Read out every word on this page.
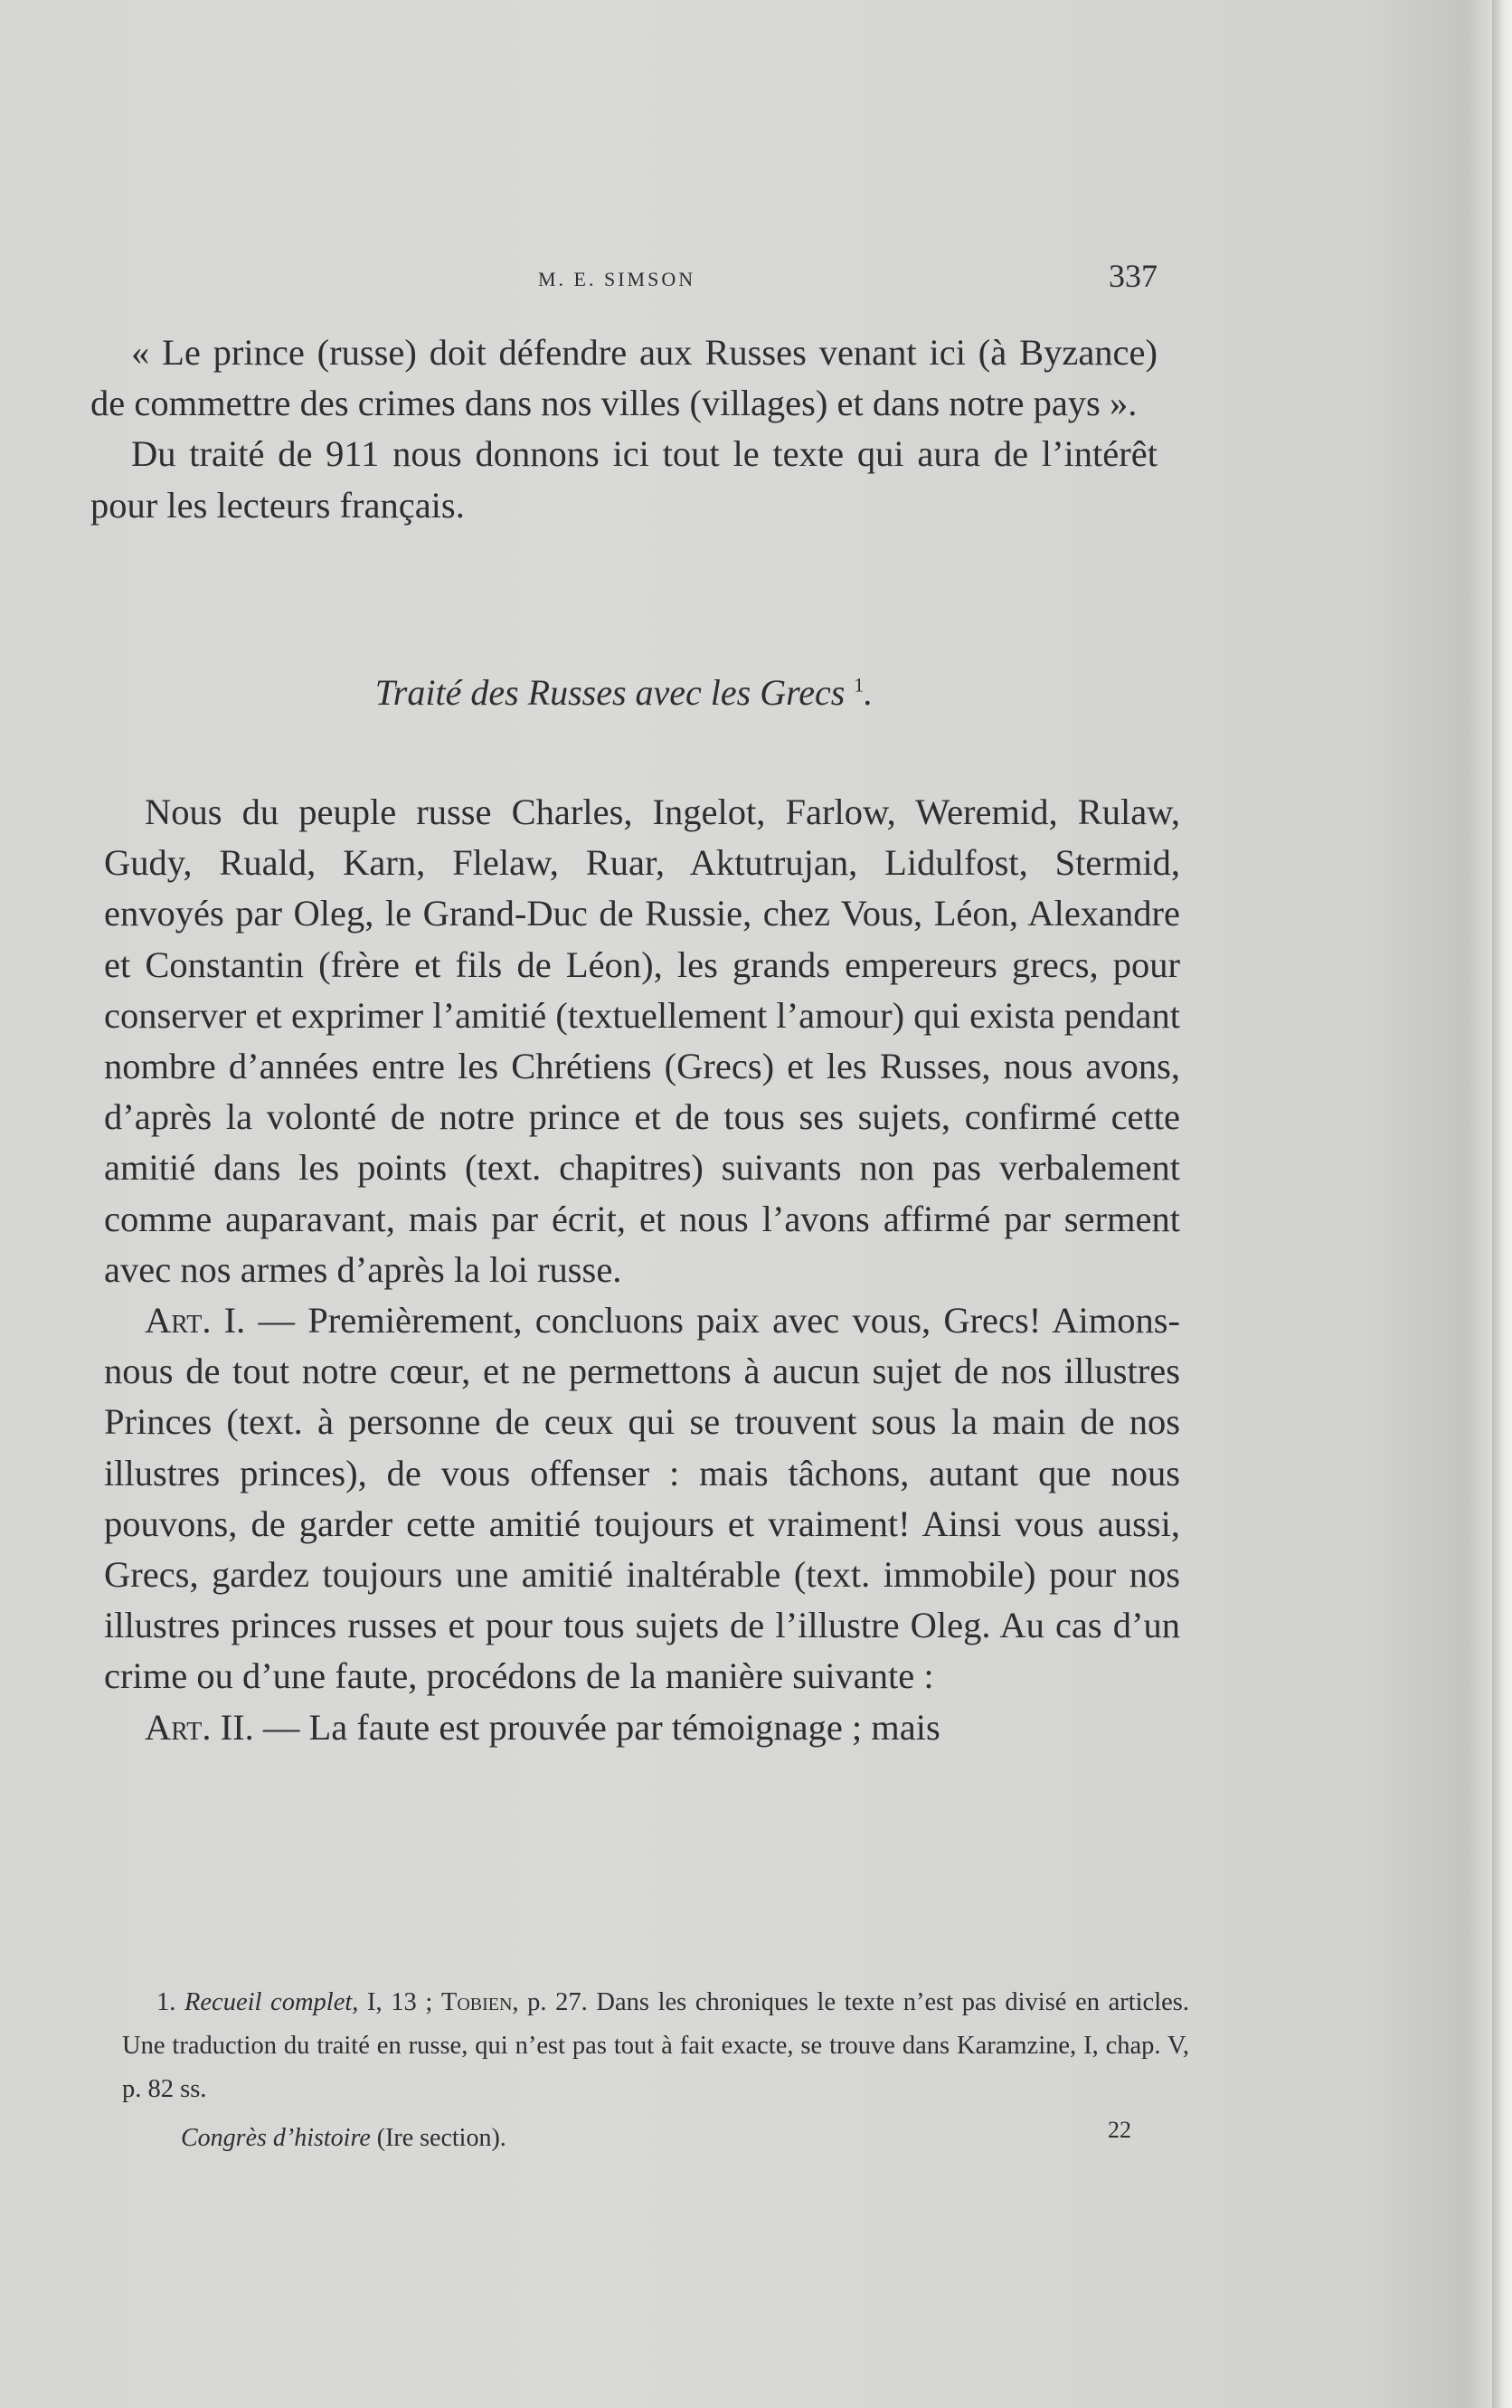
M. E. SIMSON	337

« Le prince (russe) doit défendre aux Russes venant ici (à Byzance) de commettre des crimes dans nos villes (villages) et dans notre pays ».

Du traité de 911 nous donnons ici tout le texte qui aura de l’intérêt pour les lecteurs français.

Traité des Russes avec les Grecs $^1$.

Nous du peuple russe Charles, Ingelot, Farlow, Weremid, Rulaw, Gudy, Ruald, Karn, Flelaw, Ruar, Aktutrujan, Lidulfost, Stermid, envoyés par Oleg, le Grand-Duc de Russie, chez Vous, Léon, Alexandre et Constantin (frère et fils de Léon), les grands empereurs grecs, pour conserver et exprimer l’amitié (textuellement l’amour) qui exista pendant nombre d’années entre les Chrétiens (Grecs) et les Russes, nous avons, d’après la volonté de notre prince et de tous ses sujets, confirmé cette amitié dans les points (text. chapitres) suivants non pas verbalement comme auparavant, mais par écrit, et nous l’avons affirmé par serment avec nos armes d’après la loi russe.

Art. I. — Premièrement, concluons paix avec vous, Grecs! Aimons-nous de tout notre cœur, et ne permettons à aucun sujet de nos illustres Princes (text. à personne de ceux qui se trouvent sous la main de nos illustres princes), de vous offenser : mais tâchons, autant que nous pouvons, de garder cette amitié toujours et vraiment! Ainsi vous aussi, Grecs, gardez toujours une amitié inaltérable (text. immobile) pour nos illustres princes russes et pour tous sujets de l’illustre Oleg. Au cas d’un crime ou d’une faute, procédons de la manière suivante :

Art. II. — La faute est prouvée par témoignage ; mais

1. Recueil complet, I, 13 ; Tobien, p. 27. Dans les chroniques le texte n’est pas divisé en articles. Une traduction du traité en russe, qui n’est pas tout à fait exacte, se trouve dans Karamzine, I, chap. V, p. 82 ss.

Congrès d’histoire (Ire section).	22
